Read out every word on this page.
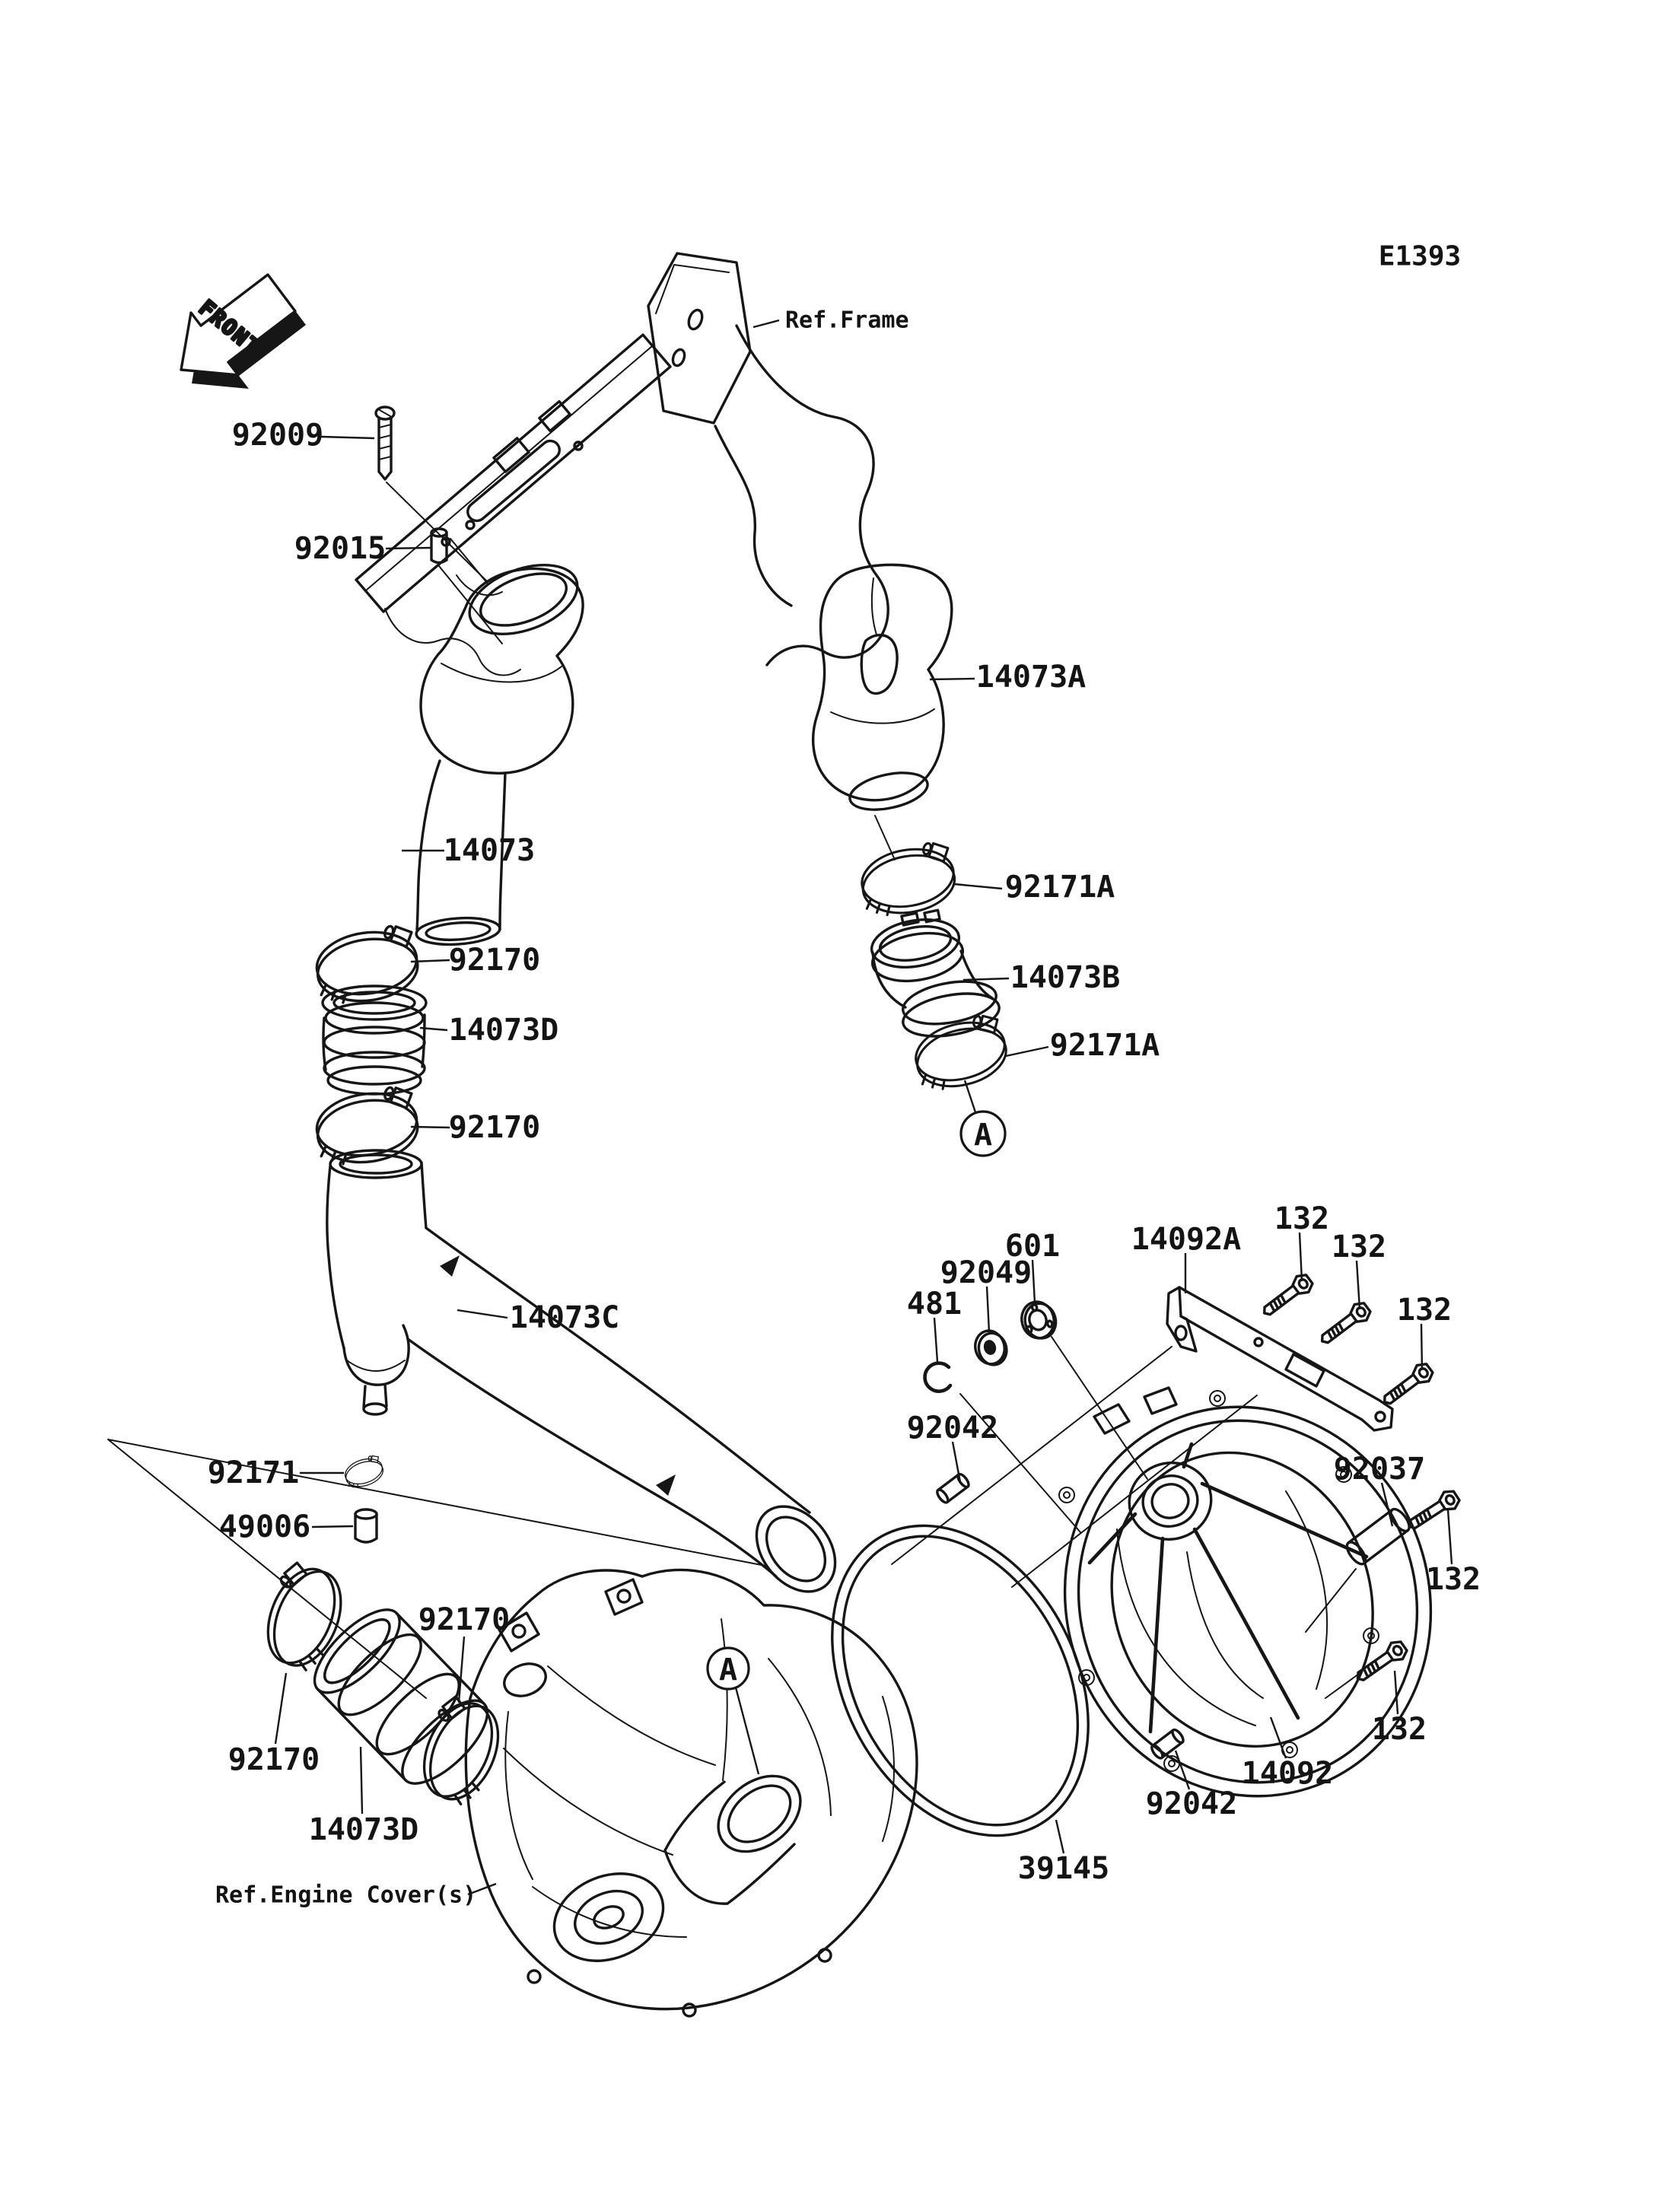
FRONT
E1393
92009
92015
14073A
14073
92171A
92170	14073B
14073D	92171A
92170
601
92049
481
14092A
132
132
132
14073C
92042
92037
92171
49006
132
92170
132
92170
14073D
14092
92042
39145
Ref.Frame
Ref.Engine Cover(s)
A
A
